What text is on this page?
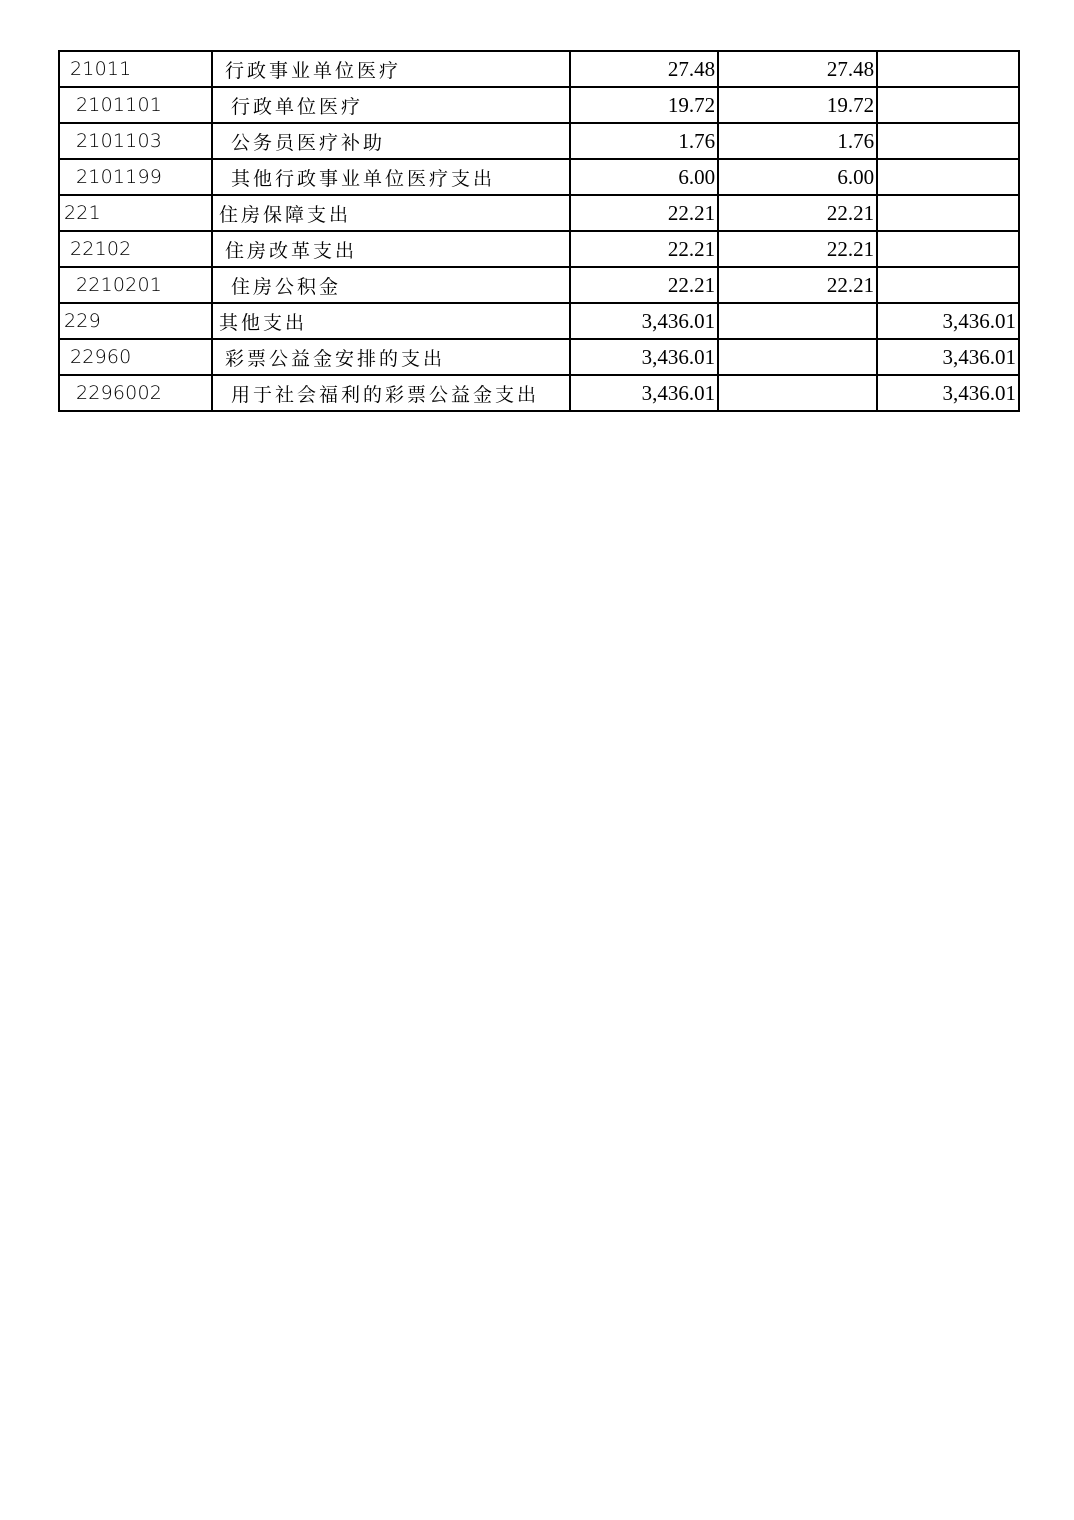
21011	行政事业单位医疗	27.48	27.48	
2101101	行政单位医疗	19.72	19.72	
2101103	公务员医疗补助	1.76	1.76	
2101199	其他行政事业单位医疗支出	6.00	6.00	
221	住房保障支出	22.21	22.21	
22102	住房改革支出	22.21	22.21	
2210201	住房公积金	22.21	22.21	
229	其他支出	3,436.01		3,436.01
22960	彩票公益金安排的支出	3,436.01		3,436.01
2296002	用于社会福利的彩票公益金支出	3,436.01		3,436.01
